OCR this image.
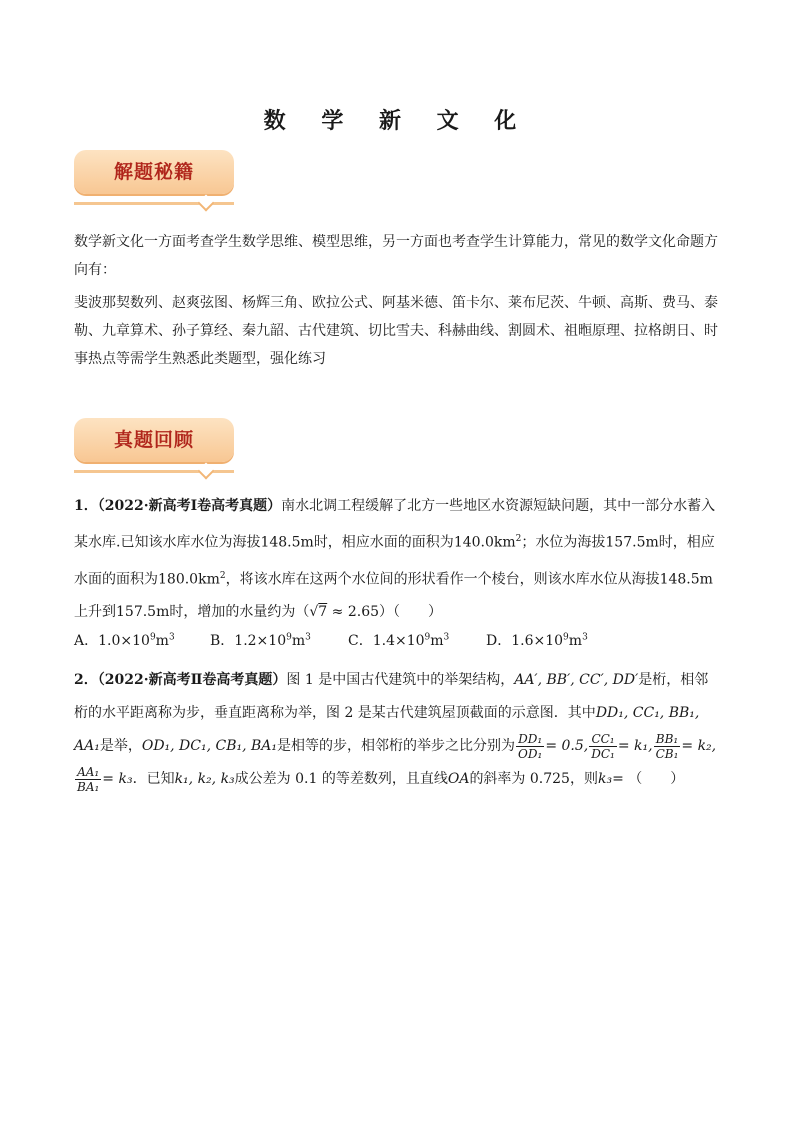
数 学 新 文 化
解题秘籍
数学新文化一方面考查学生数学思维、模型思维，另一方面也考查学生计算能力，常见的数学文化命题方向有：
斐波那契数列、赵爽弦图、杨辉三角、欧拉公式、阿基米德、笛卡尔、莱布尼茨、牛顿、高斯、费马、泰勒、九章算术、孙子算经、秦九韶、古代建筑、切比雪夫、科赫曲线、割圆术、祖暅原理、拉格朗日、时事热点等需学生熟悉此类题型，强化练习
真题回顾
1．（2022·新高考Ⅰ卷高考真题）南水北调工程缓解了北方一些地区水资源短缺问题，其中一部分水蓄入某水库.已知该水库水位为海拔148.5m时，相应水面的面积为$140.0km^2$；水位为海拔157.5m时，相应水面的面积为$180.0km^2$，将该水库在这两个水位间的形状看作一个棱台，则该水库水位从海拔148.5m上升到157.5m时，增加的水量约为（√7 ≈ 2.65）（　　）
A．$1.0\times 10^9m^3$	B．$1.2\times 10^9m^3$	C．$1.4\times 10^9m^3$	D．$1.6\times 10^9m^3$
2．（2022·新高考Ⅱ卷高考真题）图 1 是中国古代建筑中的举架结构，AA′, BB′, CC′, DD′是桁，相邻桁的水平距离称为步，垂直距离称为举，图 2 是某古代建筑屋顶截面的示意图．其中DD₁, CC₁, BB₁, AA₁是举，OD₁, DC₁, CB₁, BA₁是相等的步，相邻桁的举步之比分别为 $\frac{\text{DD₁}}{\text{OD₁}} = 0.5$, $\frac{\text{CC₁}}{\text{DC₁}} = k_1$, $\frac{\text{BB₁}}{\text{CB₁}} = k_2$,
$\frac{\text{AA₁}}{\text{BA₁}} = k_3$．已知k₁, k₂, k₃成公差为 0.1 的等差数列，且直线OA的斜率为 0.725，则k₃= （　　）
